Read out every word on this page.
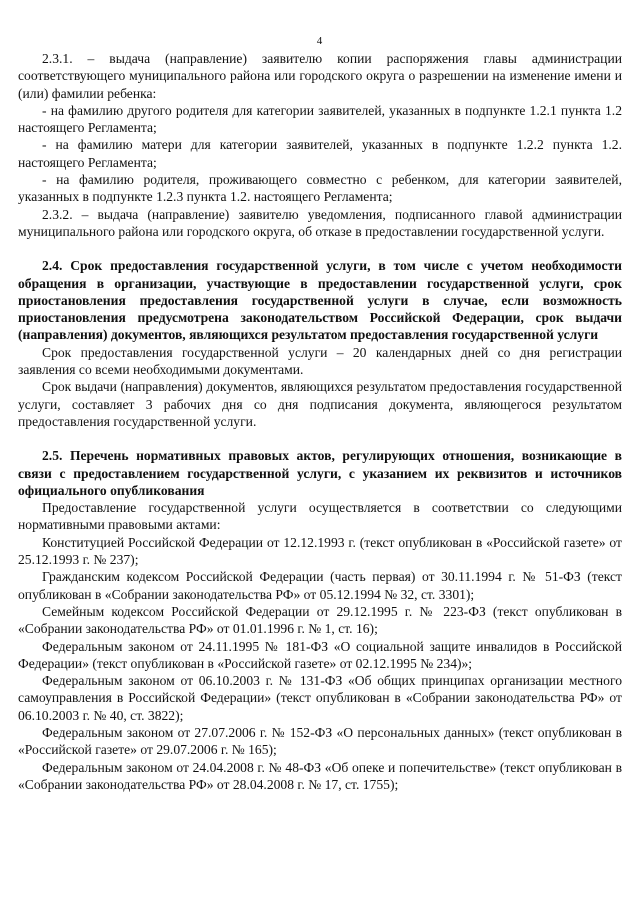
4

2.3.1. – выдача (направление) заявителю копии распоряжения главы администрации соответствующего муниципального района или городского округа о разрешении на изменение имени и (или) фамилии ребенка:

- на фамилию другого родителя для категории заявителей, указанных в подпункте 1.2.1 пункта 1.2 настоящего Регламента;

- на фамилию матери для категории заявителей, указанных в подпункте 1.2.2 пункта 1.2. настоящего Регламента;

- на фамилию родителя, проживающего совместно с ребенком, для категории заявителей, указанных в подпункте 1.2.3 пункта 1.2. настоящего Регламента;

2.3.2. – выдача (направление) заявителю уведомления, подписанного главой администрации муниципального района или городского округа, об отказе в предоставлении государственной услуги.

2.4. Срок предоставления государственной услуги, в том числе с учетом необходимости обращения в организации, участвующие в предоставлении государственной услуги, срок приостановления предоставления государственной услуги в случае, если возможность приостановления предусмотрена законодательством Российской Федерации, срок выдачи (направления) документов, являющихся результатом предоставления государственной услуги

Срок предоставления государственной услуги – 20 календарных дней со дня регистрации заявления со всеми необходимыми документами.

Срок выдачи (направления) документов, являющихся результатом предоставления государственной услуги, составляет 3 рабочих дня со дня подписания документа, являющегося результатом предоставления государственной услуги.

2.5. Перечень нормативных правовых актов, регулирующих отношения, возникающие в связи с предоставлением государственной услуги, с указанием их реквизитов и источников официального опубликования

Предоставление государственной услуги осуществляется в соответствии со следующими нормативными правовыми актами:

Конституцией Российской Федерации от 12.12.1993 г. (текст опубликован в «Российской газете» от 25.12.1993 г. № 237);

Гражданским кодексом Российской Федерации (часть первая) от 30.11.1994 г. № 51-ФЗ (текст опубликован в «Собрании законодательства РФ» от 05.12.1994 № 32, ст. 3301);

Семейным кодексом Российской Федерации от 29.12.1995 г. № 223-ФЗ (текст опубликован в «Собрании законодательства РФ» от 01.01.1996 г. № 1, ст. 16);

Федеральным законом от 24.11.1995 № 181-ФЗ «О социальной защите инвалидов в Российской Федерации» (текст опубликован в «Российской газете» от 02.12.1995 № 234)»;

Федеральным законом от 06.10.2003 г. № 131-ФЗ «Об общих принципах организации местного самоуправления в Российской Федерации» (текст опубликован в «Собрании законодательства РФ» от 06.10.2003 г. № 40, ст. 3822);

Федеральным законом от 27.07.2006 г. № 152-ФЗ «О персональных данных» (текст опубликован в «Российской газете» от 29.07.2006 г. № 165);

Федеральным законом от 24.04.2008 г. № 48-ФЗ «Об опеке и попечительстве» (текст опубликован в «Собрании законодательства РФ» от 28.04.2008 г. № 17, ст. 1755);
